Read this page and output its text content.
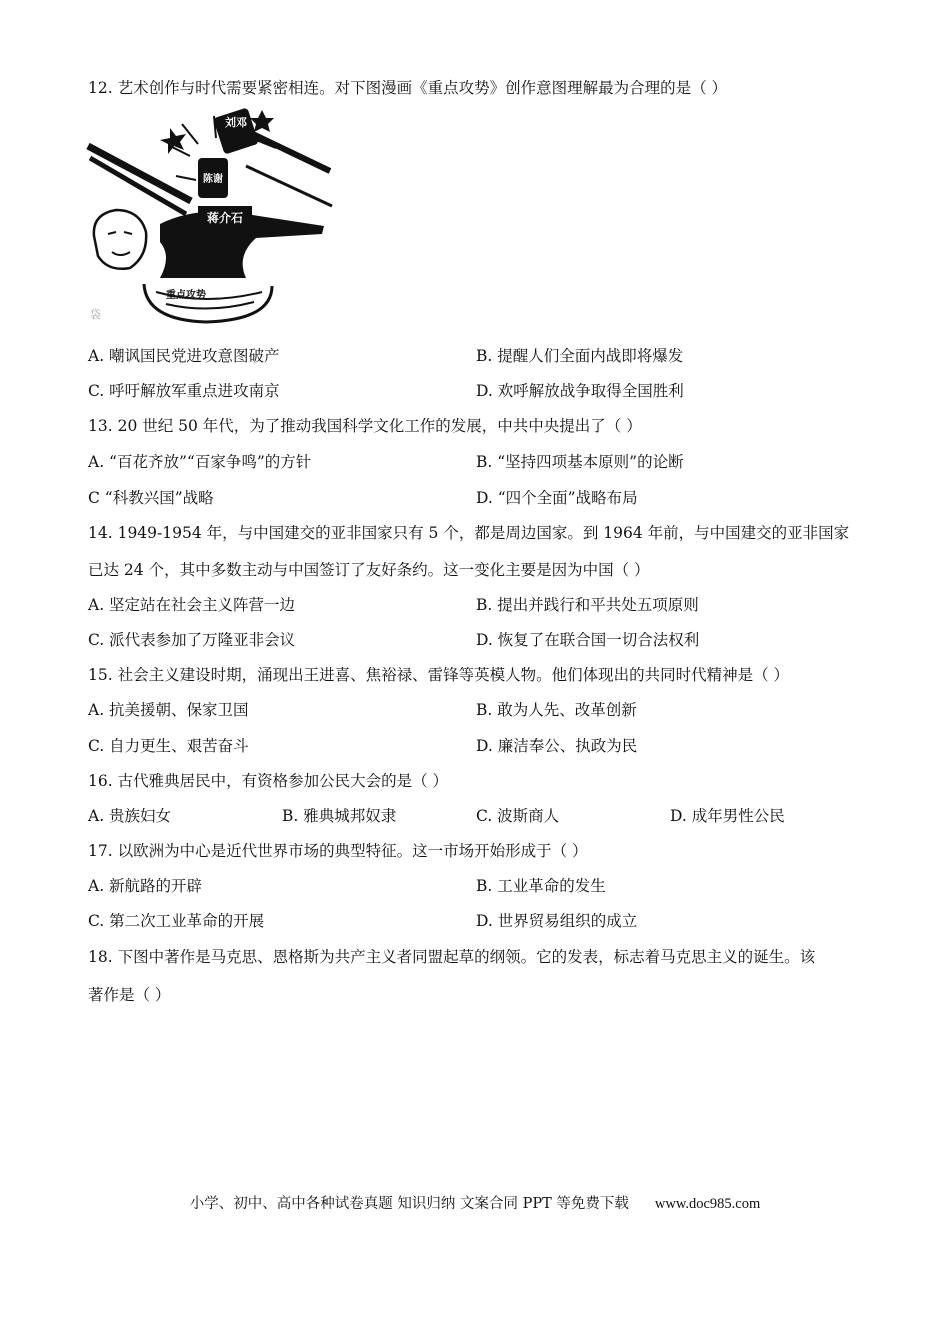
12. 艺术创作与时代需要紧密相连。对下图漫画《重点攻势》创作意图理解最为合理的是（ ）
刘邓
陈谢
蒋介石
重点攻势
袋
A. 嘲讽国民党进攻意图破产	B. 提醒人们全面内战即将爆发
C. 呼吁解放军重点进攻南京	D. 欢呼解放战争取得全国胜利
13. 20 世纪 50 年代，为了推动我国科学文化工作的发展，中共中央提出了（ ）
A. “百花齐放”“百家争鸣”的方针	B. “坚持四项基本原则”的论断
C “科教兴国”战略	D. “四个全面”战略布局
14. 1949-1954 年，与中国建交的亚非国家只有 5 个，都是周边国家。到 1964 年前，与中国建交的亚非国家
已达 24 个，其中多数主动与中国签订了友好条约。这一变化主要是因为中国（ ）
A. 坚定站在社会主义阵营一边	B. 提出并践行和平共处五项原则
C. 派代表参加了万隆亚非会议	D. 恢复了在联合国一切合法权利
15. 社会主义建设时期，涌现出王进喜、焦裕禄、雷锋等英模人物。他们体现出的共同时代精神是（ ）
A. 抗美援朝、保家卫国	B. 敢为人先、改革创新
C. 自力更生、艰苦奋斗	D. 廉洁奉公、执政为民
16. 古代雅典居民中，有资格参加公民大会的是（ ）
A. 贵族妇女	B. 雅典城邦奴隶	C. 波斯商人	D. 成年男性公民
17. 以欧洲为中心是近代世界市场的典型特征。这一市场开始形成于（ ）
A. 新航路的开辟	B. 工业革命的发生
C. 第二次工业革命的开展	D. 世界贸易组织的成立
18. 下图中著作是马克思、恩格斯为共产主义者同盟起草的纲领。它的发表，标志着马克思主义的诞生。该
著作是（ ）
小学、初中、高中各种试卷真题 知识归纳 文案合同 PPT 等免费下载 www.doc985.com
